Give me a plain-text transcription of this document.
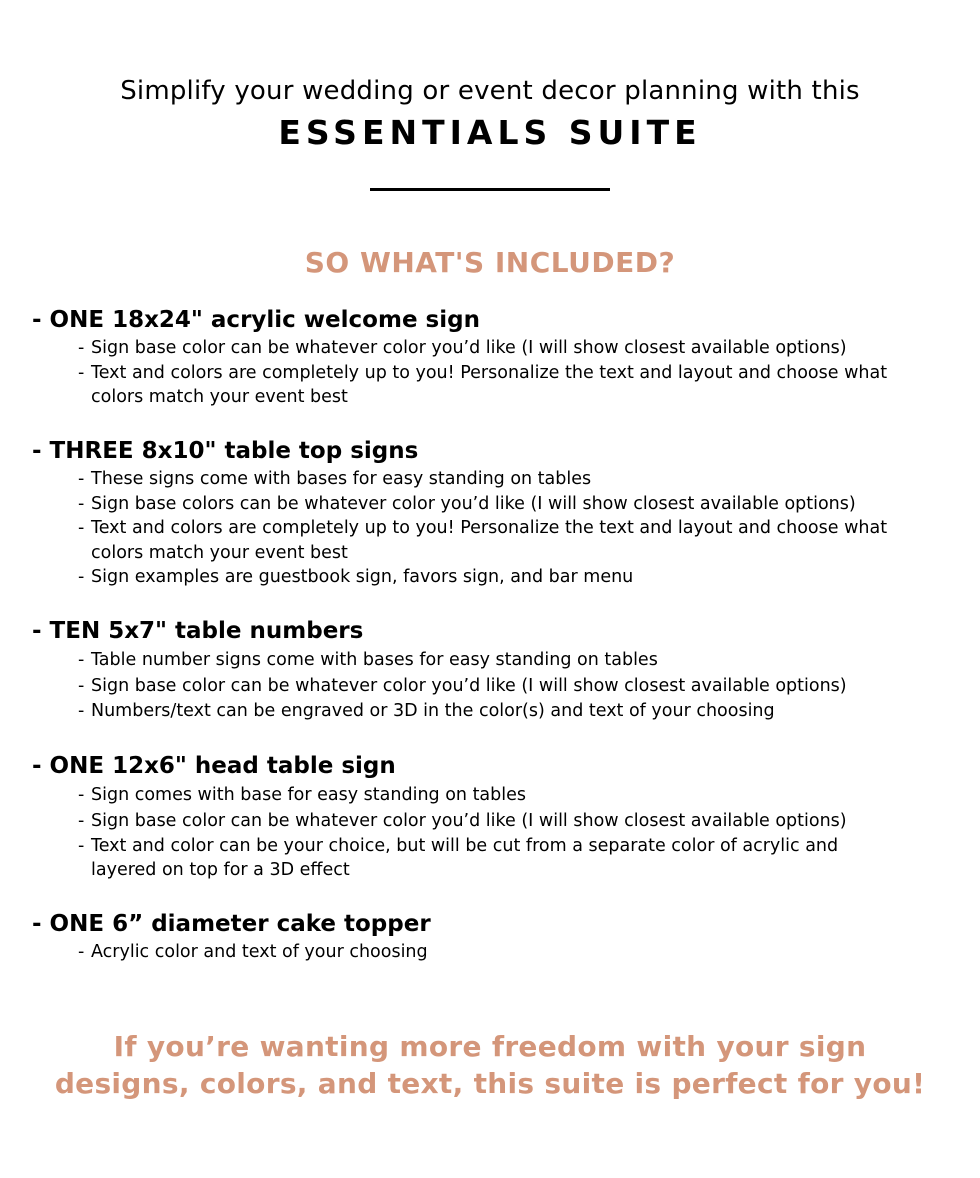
Simplify your wedding or event decor planning with this
ESSENTIALS SUITE
SO WHAT'S INCLUDED?
- ONE 18x24" acrylic welcome sign
- Sign base color can be whatever color you’d like (I will show closest available options)
- Text and colors are completely up to you! Personalize the text and layout and choose what colors match your event best
- THREE 8x10" table top signs
- These signs come with bases for easy standing on tables
- Sign base colors can be whatever color you’d like (I will show closest available options)
- Text and colors are completely up to you! Personalize the text and layout and choose what colors match your event best
- Sign examples are guestbook sign, favors sign, and bar menu
- TEN 5x7" table numbers
- Table number signs come with bases for easy standing on tables
- Sign base color can be whatever color you’d like (I will show closest available options)
- Numbers/text can be engraved or 3D in the color(s) and text of your choosing
- ONE 12x6" head table sign
- Sign comes with base for easy standing on tables
- Sign base color can be whatever color you’d like (I will show closest available options)
- Text and color can be your choice, but will be cut from a separate color of acrylic and layered on top for a 3D effect
- ONE 6” diameter cake topper
- Acrylic color and text of your choosing
If you’re wanting more freedom with your sign
designs, colors, and text, this suite is perfect for you!
